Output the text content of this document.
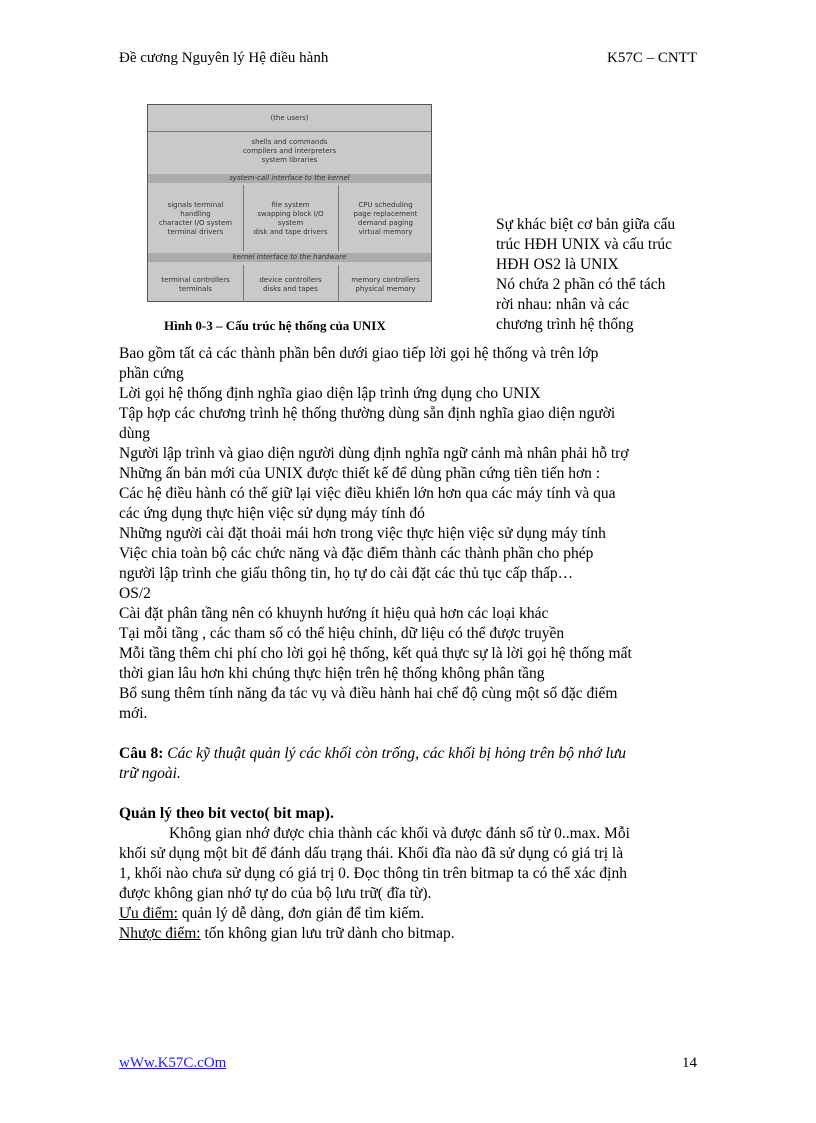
Đề cương Nguyên lý Hệ điều hành	K57C – CNTT
(the users)
shells and commands
compilers and interpreters
system libraries
system-call interface to the kernel
signals terminal
handling
character I/O system
terminal drivers
file system
swapping block I/O
system
disk and tape drivers
CPU scheduling
page replacement
demand paging
virtual memory
kernel interface to the hardware
terminal controllers
terminals
device controllers
disks and tapes
memory controllers
physical memory
Hình 0-3 – Cấu trúc hệ thống của UNIX

Sự khác biệt cơ bản giữa cấu

trúc HĐH UNIX và cấu trúc

HĐH OS2 là UNIX

Nó chứa 2 phần có thể tách

rời nhau: nhân và các

chương trình hệ thống

Bao gồm tất cả các thành phần bên dưới giao tiếp lời gọi hệ thống và trên lớp

phần cứng

Lời gọi hệ thống định nghĩa giao diện lập trình ứng dụng cho UNIX

Tập hợp các chương trình hệ thống thường dùng sẵn định nghĩa giao diện người

dùng

Người lập trình và giao diện người dùng định nghĩa ngữ cảnh mà nhân phải hỗ trợ

Những ấn bản mới của UNIX được thiết kế để dùng phần cứng tiên tiến hơn :

Các hệ điều hành có thể giữ lại việc điều khiển lớn hơn qua các máy tính và qua

các ứng dụng thực hiện việc sử dụng máy tính đó

Những người cài đặt thoải mái hơn trong việc thực hiện việc sử dụng máy tính

Việc chia toàn bộ các chức năng và đặc điểm thành các thành phần cho phép

người lập trình che giấu thông tin, họ tự do cài đặt các thủ tục cấp thấp…

OS/2

Cài đặt phân tầng nên có khuynh hướng ít hiệu quả hơn các loại khác

Tại mỗi tầng , các tham số có thể hiệu chỉnh, dữ liệu có thể được truyền

Mỗi tầng thêm chi phí cho lời gọi hệ thống, kết quả thực sự là lời gọi hệ thống mất

thời gian lâu hơn khi chúng thực hiện trên hệ thống không phân tầng

Bổ sung thêm tính năng đa tác vụ và điều hành hai chế độ cùng một số đặc điểm

mới.

Câu 8: Các kỹ thuật quản lý các khối còn trống, các khối bị hỏng trên bộ nhớ lưu

trữ ngoài.

Quản lý theo bit vecto( bit map).

Không gian nhớ được chia thành các khối và được đánh số từ 0..max. Mỗi

khối sử dụng một bit để đánh dấu trạng thái. Khối đĩa nào đã sử dụng có giá trị là

1, khối nào chưa sử dụng có giá trị 0. Đọc thông tin trên bitmap ta có thể xác định

được không gian nhớ tự do của bộ lưu trữ( đĩa từ).

Ưu điểm: quản lý dễ dàng, đơn giản để tìm kiếm.

Nhược điểm: tốn không gian lưu trữ dành cho bitmap.

wWw.K57C.cOm	14
